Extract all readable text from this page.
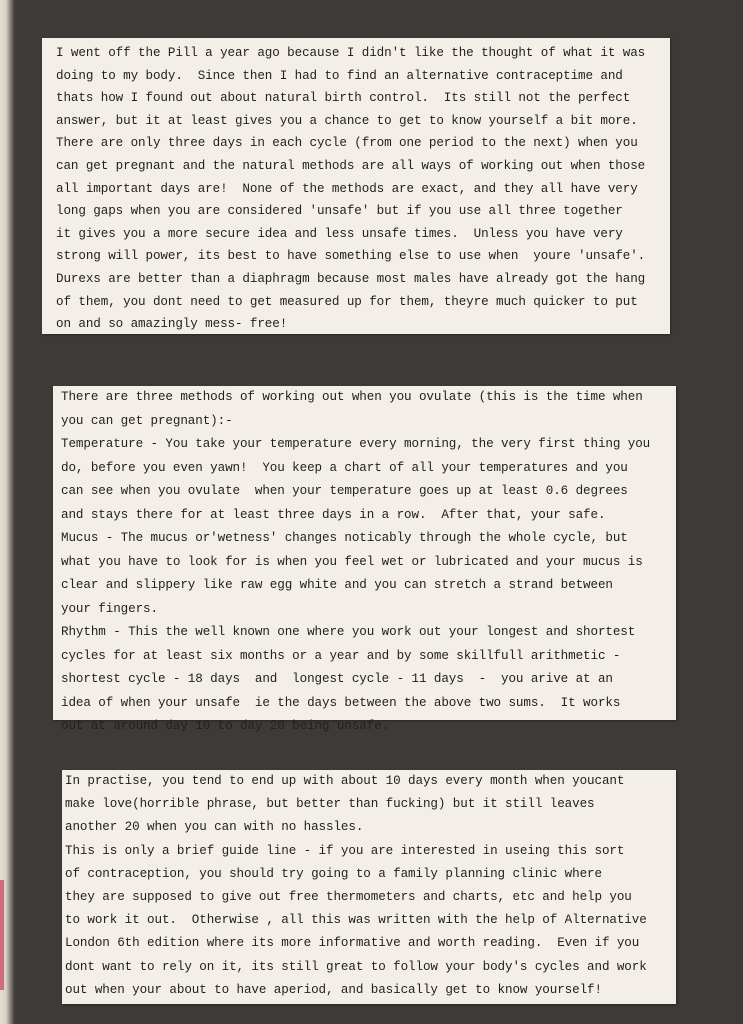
I went off the Pill a year ago because I didn't like the thought of what it was
doing to my body.  Since then I had to find an alternative contraceptime and
thats how I found out about natural birth control.  Its still not the perfect
answer, but it at least gives you a chance to get to know yourself a bit more.
There are only three days in each cycle (from one period to the next) when you
can get pregnant and the natural methods are all ways of working out when those
all important days are!  None of the methods are exact, and they all have very
long gaps when you are considered 'unsafe' but if you use all three together
it gives you a more secure idea and less unsafe times.  Unless you have very
strong will power, its best to have something else to use when  youre 'unsafe'.
Durexs are better than a diaphragm because most males have already got the hang
of them, you dont need to get measured up for them, theyre much quicker to put
on and so amazingly mess- free!
There are three methods of working out when you ovulate (this is the time when
you can get pregnant):-
Temperature - You take your temperature every morning, the very first thing you
do, before you even yawn!  You keep a chart of all your temperatures and you
can see when you ovulate  when your temperature goes up at least 0.6 degrees
and stays there for at least three days in a row.  After that, your safe.
Mucus - The mucus or'wetness' changes noticably through the whole cycle, but
what you have to look for is when you feel wet or lubricated and your mucus is
clear and slippery like raw egg white and you can stretch a strand between
your fingers.
Rhythm - This the well known one where you work out your longest and shortest
cycles for at least six months or a year and by some skillfull arithmetic -
shortest cycle - 18 days  and  longest cycle - 11 days  -  you arive at an
idea of when your unsafe  ie the days between the above two sums.  It works
out at around day 10 to day 20 being unsafe.
In practise, you tend to end up with about 10 days every month when youcant
make love(horrible phrase, but better than fucking) but it still leaves
another 20 when you can with no hassles.
This is only a brief guide line - if you are interested in useing this sort
of contraception, you should try going to a family planning clinic where
they are supposed to give out free thermometers and charts, etc and help you
to work it out.  Otherwise , all this was written with the help of Alternative
London 6th edition where its more informative and worth reading.  Even if you
dont want to rely on it, its still great to follow your body's cycles and work
out when your about to have aperiod, and basically get to know yourself!
